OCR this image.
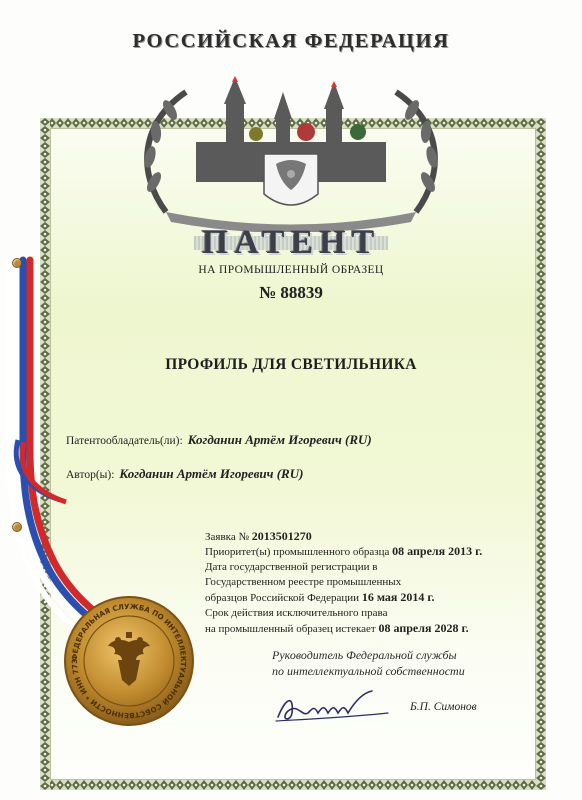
РОССИЙСКАЯ ФЕДЕРАЦИЯ
ПАТЕНТ
НА ПРОМЫШЛЕННЫЙ ОБРАЗЕЦ
№ 88839
ПРОФИЛЬ ДЛЯ СВЕТИЛЬНИКА
Патентообладатель(ли): Когданин Артём Игоревич (RU)
Автор(ы): Когданин Артём Игоревич (RU)
Заявка № 2013501270
Приоритет(ы) промышленного образца 08 апреля 2013 г.
Дата государственной регистрации в
Государственном реестре промышленных
образцов Российской Федерации 16 мая 2014 г.
Срок действия исключительного права
на промышленный образец истекает 08 апреля 2028 г.
Руководитель Федеральной службы
по интеллектуальной собственности
Б.П. Симонов
ФЕДЕРАЛЬНАЯ СЛУЖБА ПО ИНТЕЛЛЕКТУАЛЬНОЙ СОБСТВЕННОСТИ * ИНН 773
